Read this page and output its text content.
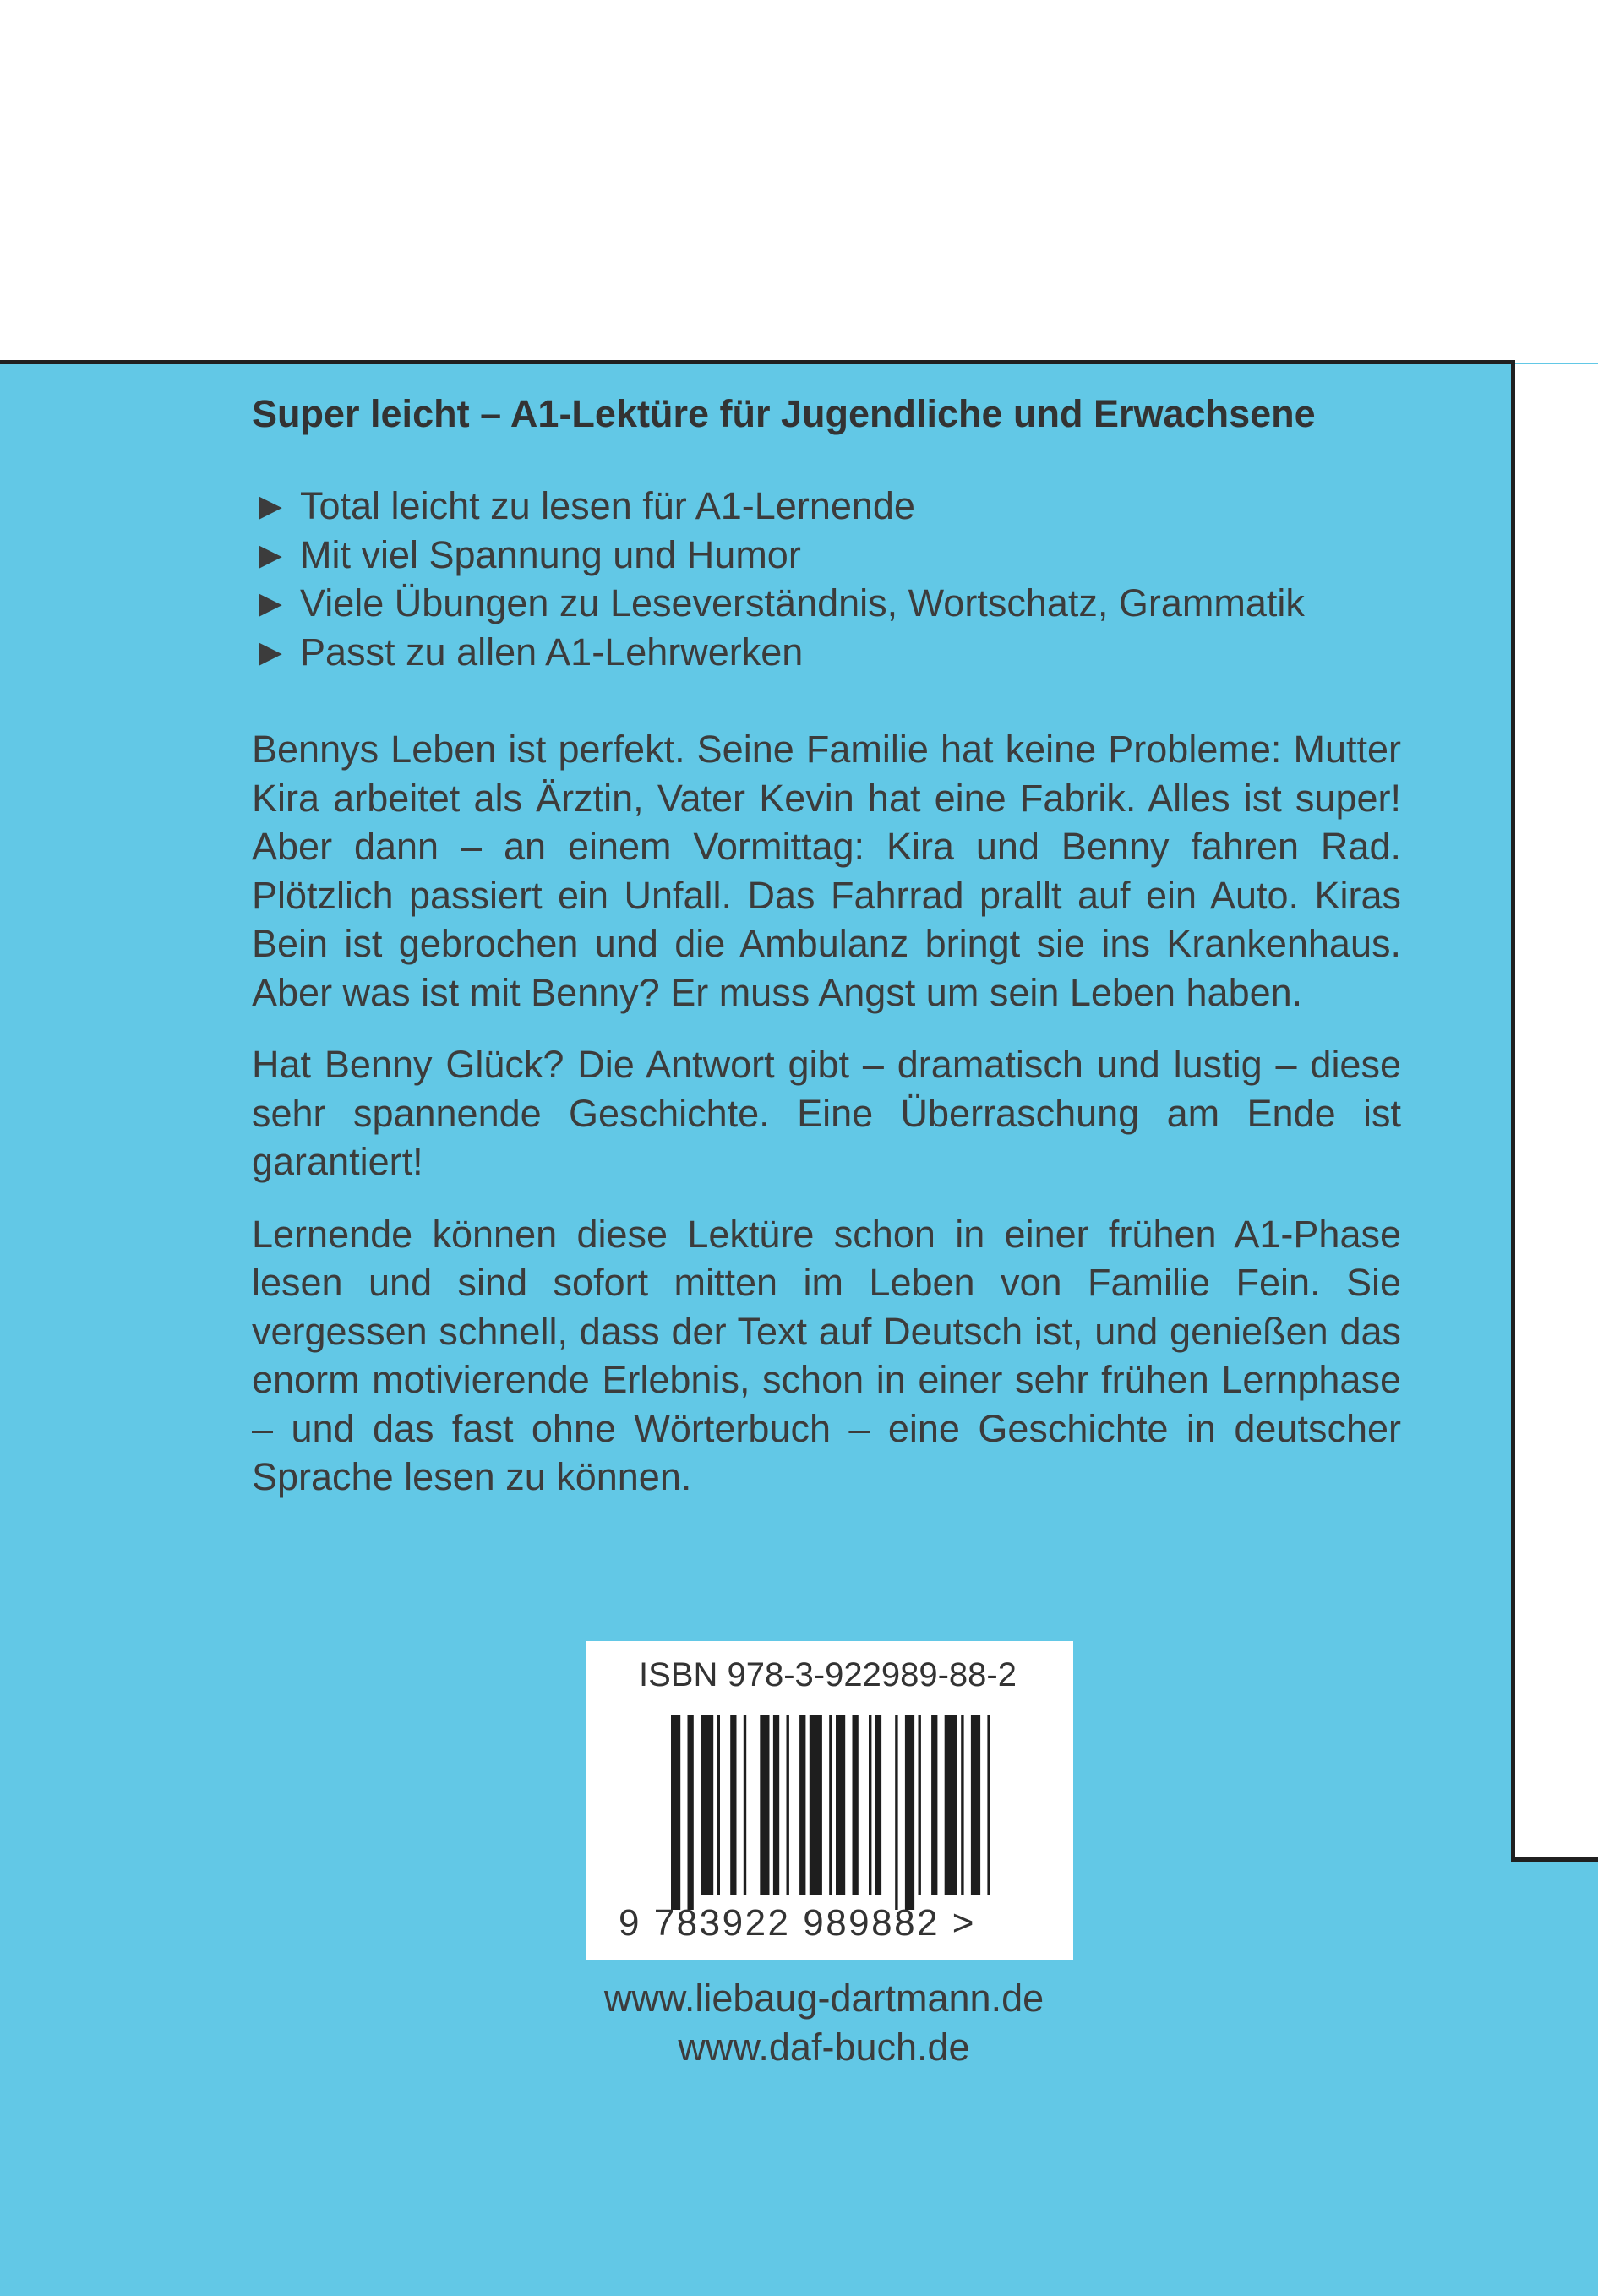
Super leicht – A1-Lektüre für Jugendliche und Erwachsene
► Total leicht zu lesen für A1-Lernende
► Mit viel Spannung und Humor
► Viele Übungen zu Leseverständnis, Wortschatz, Grammatik
► Passt zu allen A1-Lehrwerken

Bennys Leben ist perfekt. Seine Familie hat keine Probleme: Mutter Kira arbeitet als Ärztin, Vater Kevin hat eine Fabrik. Alles ist super! Aber dann – an einem Vormittag: Kira und Benny fahren Rad. Plötzlich passiert ein Unfall. Das Fahrrad prallt auf ein Auto. Kiras Bein ist gebrochen und die Ambulanz bringt sie ins Krankenhaus. Aber was ist mit Benny? Er muss Angst um sein Leben haben.

Hat Benny Glück? Die Antwort gibt – dramatisch und lustig – diese sehr spannende Geschichte. Eine Überraschung am Ende ist garantiert!

Lernende können diese Lektüre schon in einer frühen A1-Phase lesen und sind sofort mitten im Leben von Familie Fein. Sie vergessen schnell, dass der Text auf Deutsch ist, und genießen das enorm motivierende Erlebnis, schon in einer sehr frühen Lernphase – und das fast ohne Wörterbuch – eine Geschichte in deutscher Sprache lesen zu können.

ISBN 978-3-922989-88-2
9 783922 989882 >
www.liebaug-dartmann.de
www.daf-buch.de
